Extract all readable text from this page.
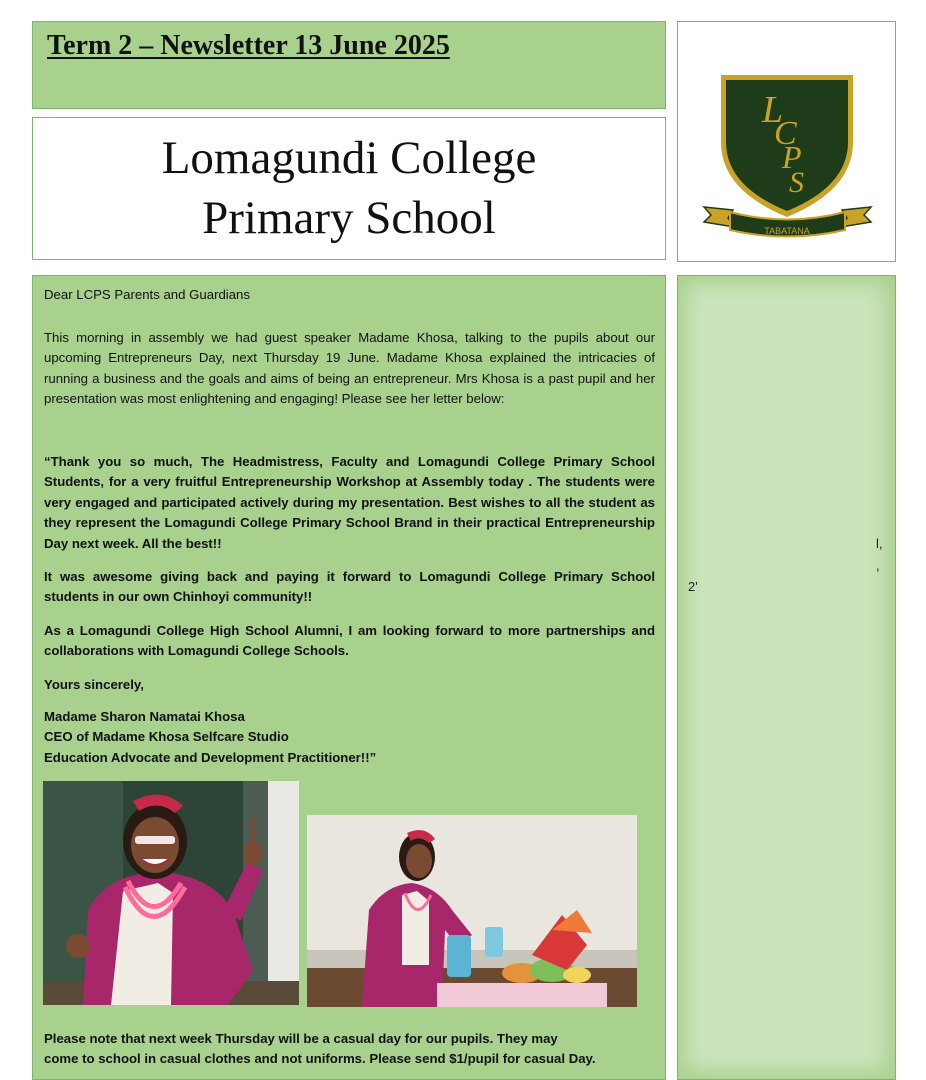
Term 2 – Newsletter 13 June 2025
Lomagundi College
Primary School
L
C
P
S
TABATANA
Dear LCPS Parents and Guardians
This morning in assembly we had guest speaker Madame Khosa, talking to the pupils about our upcoming Entrepreneurs Day, next Thursday 19 June. Madame Khosa explained the intricacies of running a business and the goals and aims of being an entrepreneur. Mrs Khosa is a past pupil and her presentation was most enlightening and engaging! Please see her letter below:
“Thank you so much, The Headmistress, Faculty and Lomagundi College Primary School Students, for a very fruitful Entrepreneurship Workshop at Assembly today . The students were very engaged and participated actively during my presentation. Best wishes to all the student as they represent the Lomagundi College Primary School Brand in their practical Entrepreneurship Day next week. All the best!!
It was awesome giving back and paying it forward to Lomagundi College Primary School students in our own Chinhoyi community!!
As a Lomagundi College High School Alumni, I am looking forward to more partnerships and collaborations with Lomagundi College Schools.
Yours sincerely,
Madame Sharon Namatai Khosa
CEO of Madame Khosa Selfcare Studio
Education Advocate and Development Practitioner!!”
Please note that next week Thursday will be a casual day for our pupils. They may
come to school in casual clothes and not uniforms. Please send $1/pupil for casual Day.
l,
,
2'
